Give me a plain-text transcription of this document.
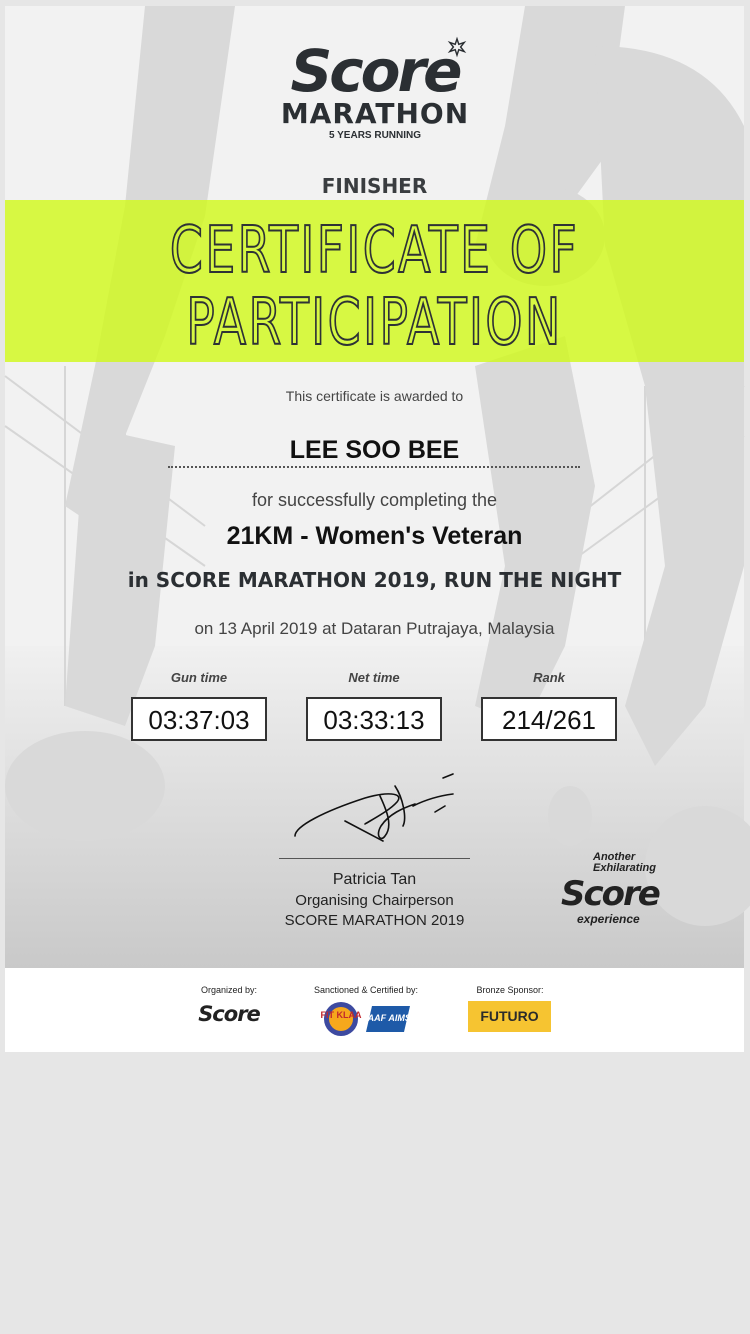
Score
MARATHON
5 YEARS RUNNING
FINISHER
CERTIFICATE OF
PARTICIPATION
This certificate is awarded to
LEE SOO BEE
for successfully completing the
21KM - Women's Veteran
in SCORE MARATHON 2019, RUN THE NIGHT
on 13 April 2019 at Dataran Putrajaya, Malaysia
Gun time	Net time	Rank
03:37:03	03:33:13	214/261
Patricia Tan
Organising Chairperson
SCORE MARATHON 2019
Another
Exhilarating
Score
experience
Organized by:
Score
Sanctioned & Certified by:
FIT KLAA IAAF AIMS
Bronze Sponsor:
FUTURO
